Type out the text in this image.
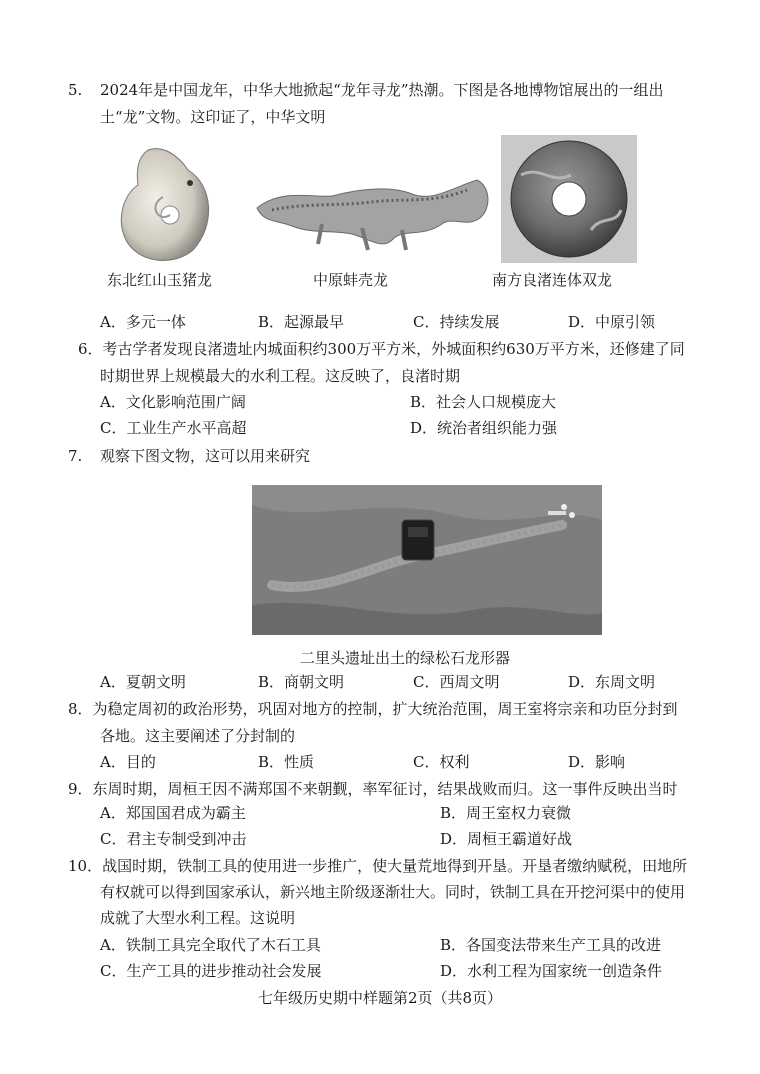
5. 2024年是中国龙年，中华大地掀起“龙年寻龙”热潮。下图是各地博物馆展出的一组出
土“龙”文物。这印证了，中华文明
东北红山玉猪龙	中原蚌壳龙	南方良渚连体双龙
A．多元一体	B．起源最早	C．持续发展	D．中原引领
6．考古学者发现良渚遗址内城面积约300万平方米，外城面积约630万平方米，还修建了同
时期世界上规模最大的水利工程。这反映了，良渚时期
A．文化影响范围广阔	B．社会人口规模庞大
C．工业生产水平高超	D．统治者组织能力强
7. 观察下图文物，这可以用来研究
二里头遗址出土的绿松石龙形器
A．夏朝文明	B．商朝文明	C．西周文明	D．东周文明
8．为稳定周初的政治形势，巩固对地方的控制，扩大统治范围，周王室将宗亲和功臣分封到
各地。这主要阐述了分封制的
A．目的	B．性质	C．权利	D．影响
9．东周时期，周桓王因不满郑国不来朝觐，率军征讨，结果战败而归。这一事件反映出当时
A．郑国国君成为霸主	B．周王室权力衰微
C．君主专制受到冲击	D．周桓王霸道好战
10．战国时期，铁制工具的使用进一步推广，使大量荒地得到开垦。开垦者缴纳赋税，田地所
有权就可以得到国家承认，新兴地主阶级逐渐壮大。同时，铁制工具在开挖河渠中的使用
成就了大型水利工程。这说明
A．铁制工具完全取代了木石工具	B．各国变法带来生产工具的改进
C．生产工具的进步推动社会发展	D．水利工程为国家统一创造条件
七年级历史期中样题第2页（共8页）
